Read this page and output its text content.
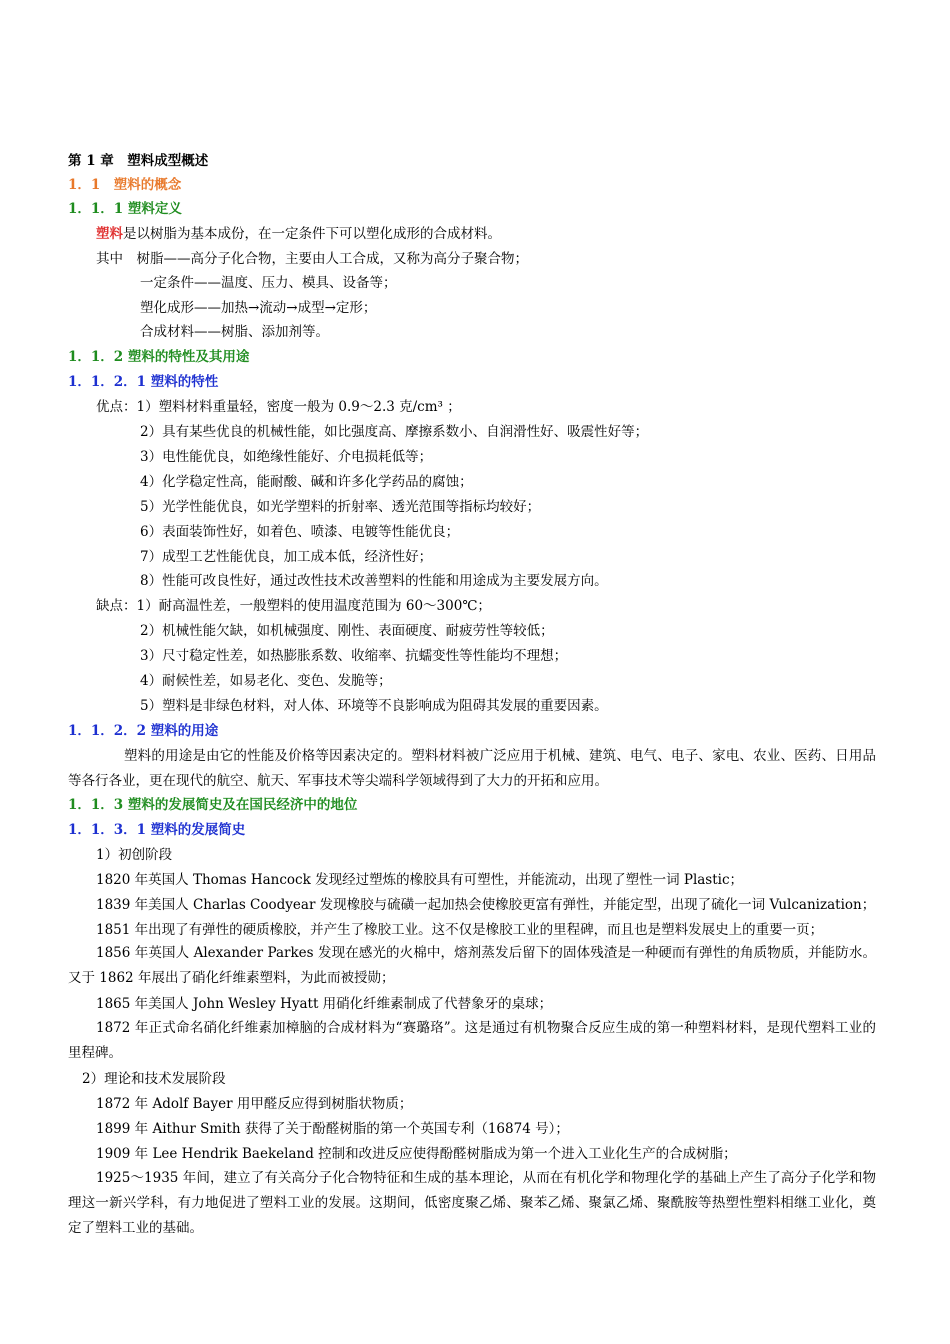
第 1 章　塑料成型概述
1．1　塑料的概念
1．1．1 塑料定义
塑料是以树脂为基本成份，在一定条件下可以塑化成形的合成材料。
其中　树脂——高分子化合物，主要由人工合成，又称为高分子聚合物；
一定条件——温度、压力、模具、设备等；
塑化成形——加热→流动→成型→定形；
合成材料——树脂、添加剂等。
1．1．2 塑料的特性及其用途
1．1．2．1 塑料的特性
优点：1）塑料材料重量轻，密度一般为 0.9～2.3 克/cm³ ；
2）具有某些优良的机械性能，如比强度高、摩擦系数小、自润滑性好、吸震性好等；
3）电性能优良，如绝缘性能好、介电损耗低等；
4）化学稳定性高，能耐酸、碱和许多化学药品的腐蚀；
5）光学性能优良，如光学塑料的折射率、透光范围等指标均较好；
6）表面装饰性好，如着色、喷漆、电镀等性能优良；
7）成型工艺性能优良，加工成本低，经济性好；
8）性能可改良性好，通过改性技术改善塑料的性能和用途成为主要发展方向。
缺点：1）耐高温性差，一般塑料的使用温度范围为 60～300℃；
2）机械性能欠缺，如机械强度、刚性、表面硬度、耐疲劳性等较低；
3）尺寸稳定性差，如热膨胀系数、收缩率、抗蠕变性等性能均不理想；
4）耐候性差，如易老化、变色、发脆等；
5）塑料是非绿色材料，对人体、环境等不良影响成为阻碍其发展的重要因素。
1．1．2．2 塑料的用途
塑料的用途是由它的性能及价格等因素决定的。塑料材料被广泛应用于机械、建筑、电气、电子、家电、农业、医药、日用品等各行各业，更在现代的航空、航天、军事技术等尖端科学领域得到了大力的开拓和应用。
1．1．3 塑料的发展简史及在国民经济中的地位
1．1．3．1 塑料的发展简史
1）初创阶段
1820 年英国人 Thomas Hancock 发现经过塑炼的橡胶具有可塑性，并能流动，出现了塑性一词 Plastic；
1839 年美国人 Charlas Coodyear 发现橡胶与硫磺一起加热会使橡胶更富有弹性，并能定型，出现了硫化一词 Vulcanization；
1851 年出现了有弹性的硬质橡胶，并产生了橡胶工业。这不仅是橡胶工业的里程碑，而且也是塑料发展史上的重要一页；
1856 年英国人 Alexander Parkes 发现在感光的火棉中，熔剂蒸发后留下的固体残渣是一种硬而有弹性的角质物质，并能防水。又于 1862 年展出了硝化纤维素塑料，为此而被授勋；
1865 年美国人 John Wesley Hyatt 用硝化纤维素制成了代替象牙的桌球；
1872 年正式命名硝化纤维素加樟脑的合成材料为“赛璐珞”。这是通过有机物聚合反应生成的第一种塑料材料，是现代塑料工业的里程碑。
2）理论和技术发展阶段
1872 年 Adolf Bayer 用甲醛反应得到树脂状物质；
1899 年 Aithur Smith 获得了关于酚醛树脂的第一个英国专利（16874 号）；
1909 年 Lee Hendrik Baekeland 控制和改进反应使得酚醛树脂成为第一个进入工业化生产的合成树脂；
1925～1935 年间，建立了有关高分子化合物特征和生成的基本理论，从而在有机化学和物理化学的基础上产生了高分子化学和物理这一新兴学科，有力地促进了塑料工业的发展。这期间，低密度聚乙烯、聚苯乙烯、聚氯乙烯、聚酰胺等热塑性塑料相继工业化，奠定了塑料工业的基础。
